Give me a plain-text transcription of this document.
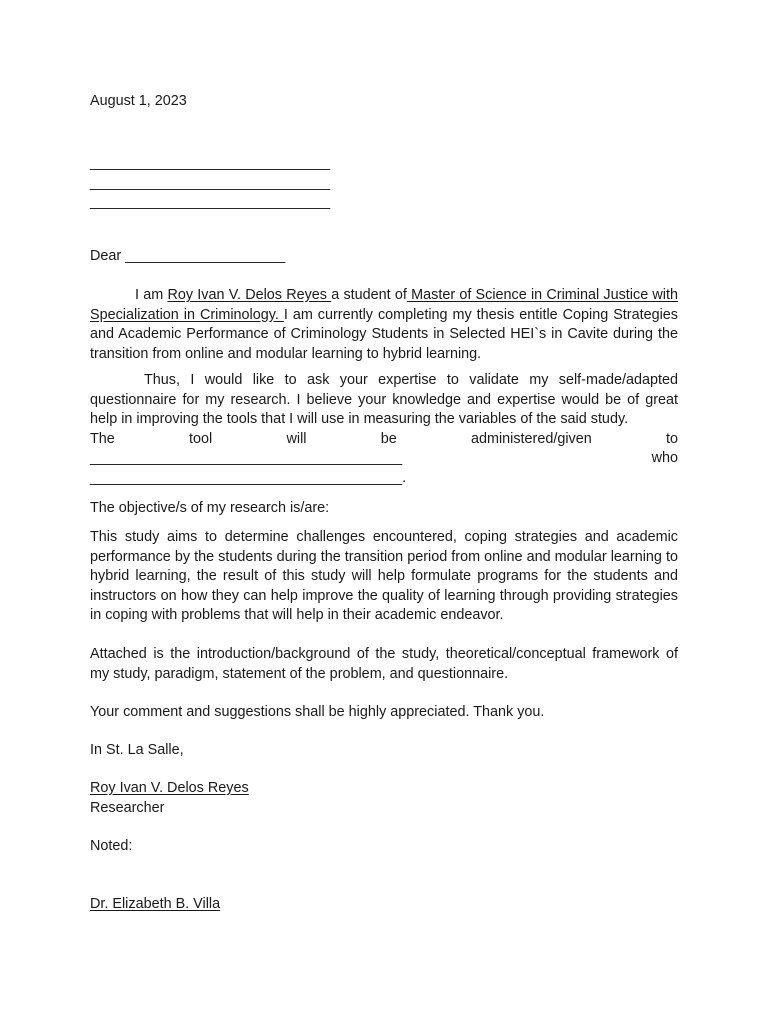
August 1, 2023

______________________________
______________________________
______________________________

Dear ____________________

I am Roy Ivan V. Delos Reyes a student of Master of Science in Criminal Justice with Specialization in Criminology. I am currently completing my thesis entitle Coping Strategies and Academic Performance of Criminology Students in Selected HEI`s in Cavite during the transition from online and modular learning to hybrid learning.

Thus, I would like to ask your expertise to validate my self-made/adapted questionnaire for my research. I believe your knowledge and expertise would be of great help in improving the tools that I will use in measuring the variables of the said study.

The	tool	will	be	administered/given	to
_______________________________________	who
_______________________________________.

The objective/s of my research is/are:

This study aims to determine challenges encountered, coping strategies and academic performance by the students during the transition period from online and modular learning to hybrid learning, the result of this study will help formulate programs for the students and instructors on how they can help improve the quality of learning through providing strategies in coping with problems that will help in their academic endeavor.

Attached is the introduction/background of the study, theoretical/conceptual framework of my study, paradigm, statement of the problem, and questionnaire.

Your comment and suggestions shall be highly appreciated. Thank you.

In St. La Salle,

Roy Ivan V. Delos Reyes

Researcher

Noted:

Dr. Elizabeth B. Villa
